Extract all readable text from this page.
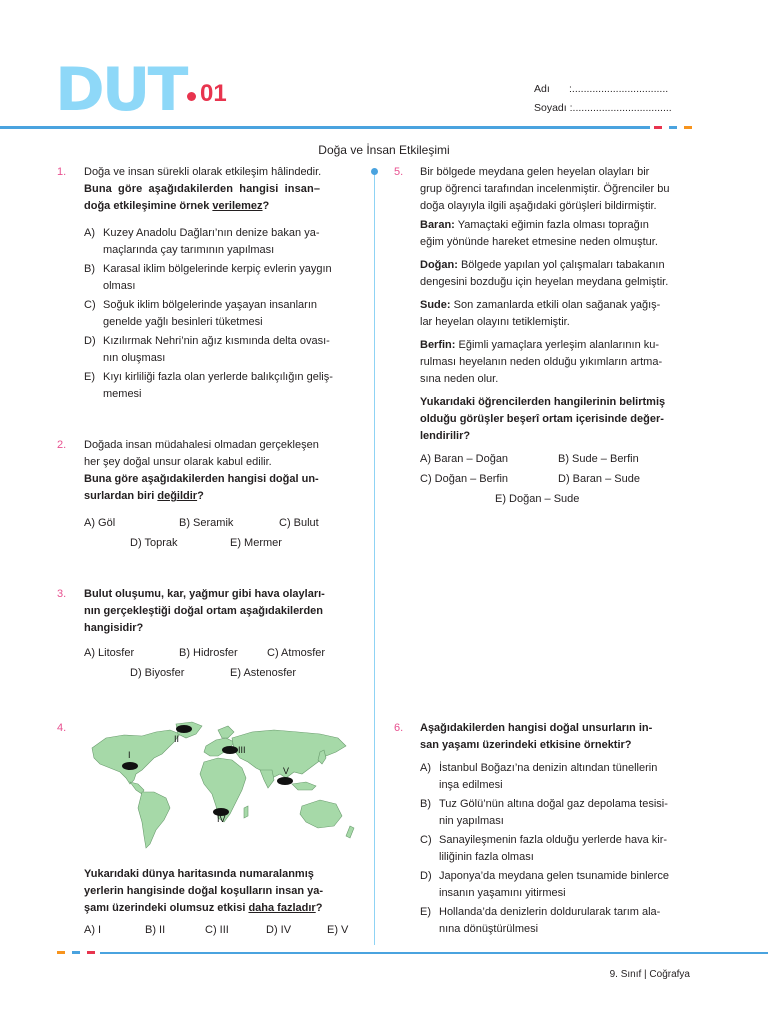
DUT 01	Adı :.................................
Soyadı :..................................
Doğa ve İnsan Etkileşimi
1. Doğa ve insan sürekli olarak etkileşim hâlindedir.
Buna göre aşağıdakilerden hangisi insan–
doğa etkileşimine örnek verilemez?
A) Kuzey Anadolu Dağları’nın denize bakan ya-
maçlarında çay tarımının yapılması
B) Karasal iklim bölgelerinde kerpiç evlerin yaygın
olması
C) Soğuk iklim bölgelerinde yaşayan insanların
genelde yağlı besinleri tüketmesi
D) Kızılırmak Nehri’nin ağız kısmında delta ovası-
nın oluşması
E) Kıyı kirliliği fazla olan yerlerde balıkçılığın geliş-
memesi
2. Doğada insan müdahalesi olmadan gerçekleşen
her şey doğal unsur olarak kabul edilir.
Buna göre aşağıdakilerden hangisi doğal un-
surlardan biri değildir?
A) Göl	B) Seramik	C) Bulut
D) Toprak	E) Mermer
3. Bulut oluşumu, kar, yağmur gibi hava olayları-
nın gerçekleştiği doğal ortam aşağıdakilerden
hangisidir?
A) Litosfer	B) Hidrosfer	C) Atmosfer
D) Biyosfer	E) Astenosfer
4.
I
II
III
IV
V
Yukarıdaki dünya haritasında numaralanmış
yerlerin hangisinde doğal koşulların insan ya-
şamı üzerindeki olumsuz etkisi daha fazladır?
A) I	B) II	C) III	D) IV	E) V
5. Bir bölgede meydana gelen heyelan olayları bir
grup öğrenci tarafından incelenmiştir. Öğrenciler bu
doğa olayıyla ilgili aşağıdaki görüşleri bildirmiştir.
Baran: Yamaçtaki eğimin fazla olması toprağın
eğim yönünde hareket etmesine neden olmuştur.
Doğan: Bölgede yapılan yol çalışmaları tabakanın
dengesini bozduğu için heyelan meydana gelmiştir.
Sude: Son zamanlarda etkili olan sağanak yağış-
lar heyelan olayını tetiklemiştir.
Berfin: Eğimli yamaçlara yerleşim alanlarının ku-
rulması heyelanın neden olduğu yıkımların artma-
sına neden olur.
Yukarıdaki öğrencilerden hangilerinin belirtmiş
olduğu görüşler beşerî ortam içerisinde değer-
lendirilir?
A) Baran – Doğan	B) Sude – Berfin
C) Doğan – Berfin	D) Baran – Sude
E) Doğan – Sude
6. Aşağıdakilerden hangisi doğal unsurların in-
san yaşamı üzerindeki etkisine örnektir?
A) İstanbul Boğazı’na denizin altından tünellerin
inşa edilmesi
B) Tuz Gölü’nün altına doğal gaz depolama tesisi-
nin yapılması
C) Sanayileşmenin fazla olduğu yerlerde hava kir-
liliğinin fazla olması
D) Japonya’da meydana gelen tsunamide binlerce
insanın yaşamını yitirmesi
E) Hollanda’da denizlerin doldurularak tarım ala-
nına dönüştürülmesi
9. Sınıf | Coğrafya
